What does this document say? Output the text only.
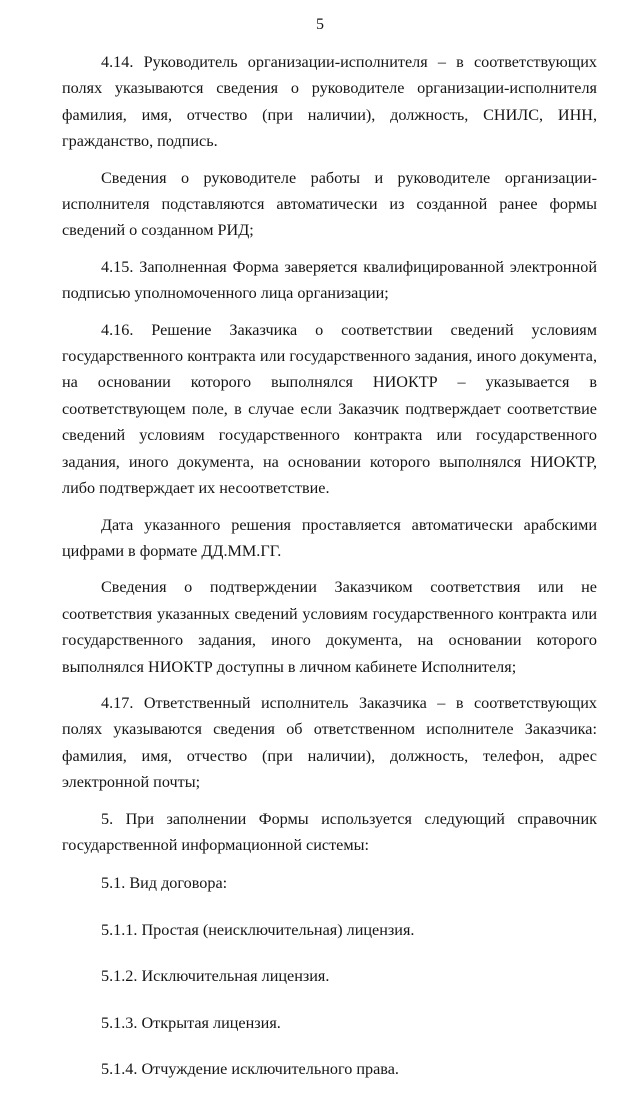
5

4.14. Руководитель организации-исполнителя – в соответствующих полях указываются сведения о руководителе организации-исполнителя фамилия, имя, отчество (при наличии), должность, СНИЛС, ИНН, гражданство, подпись.

Сведения о руководителе работы и руководителе организации-исполнителя подставляются автоматически из созданной ранее формы сведений о созданном РИД;

4.15. Заполненная Форма заверяется квалифицированной электронной подписью уполномоченного лица организации;

4.16. Решение Заказчика о соответствии сведений условиям государственного контракта или государственного задания, иного документа, на основании которого выполнялся НИОКТР – указывается в соответствующем поле, в случае если Заказчик подтверждает соответствие сведений условиям государственного контракта или государственного задания, иного документа, на основании которого выполнялся НИОКТР, либо подтверждает их несоответствие.

Дата указанного решения проставляется автоматически арабскими цифрами в формате ДД.ММ.ГГ.

Сведения о подтверждении Заказчиком соответствия или не соответствия указанных сведений условиям государственного контракта или государственного задания, иного документа, на основании которого выполнялся НИОКТР доступны в личном кабинете Исполнителя;

4.17. Ответственный исполнитель Заказчика – в соответствующих полях указываются сведения об ответственном исполнителе Заказчика: фамилия, имя, отчество (при наличии), должность, телефон, адрес электронной почты;

5. При заполнении Формы используется следующий справочник государственной информационной системы:

5.1. Вид договора:

5.1.1. Простая (неисключительная) лицензия.

5.1.2. Исключительная лицензия.

5.1.3. Открытая лицензия.

5.1.4. Отчуждение исключительного права.
